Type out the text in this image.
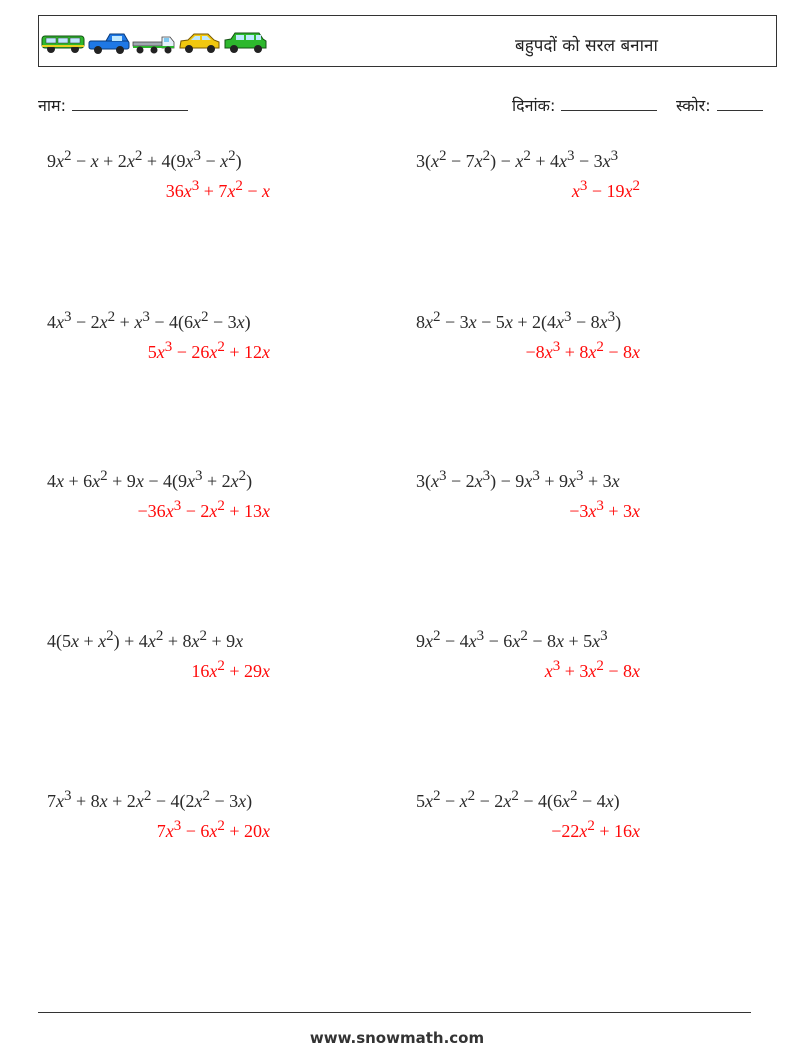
बहुपदों को सरल बनाना
नाम:	दिनांक:	स्कोर:
$9x^2 - x + 2x^2 + 4(9x^3 - x^2)$
$36x^3 + 7x^2 - x$
$3(x^2 - 7x^2) - x^2 + 4x^3 - 3x^3$
$x^3 - 19x^2$
$4x^3 - 2x^2 + x^3 - 4(6x^2 - 3x)$
$5x^3 - 26x^2 + 12x$
$8x^2 - 3x - 5x + 2(4x^3 - 8x^3)$
$-8x^3 + 8x^2 - 8x$
$4x + 6x^2 + 9x - 4(9x^3 + 2x^2)$
$-36x^3 - 2x^2 + 13x$
$3(x^3 - 2x^3) - 9x^3 + 9x^3 + 3x$
$-3x^3 + 3x$
$4(5x + x^2) + 4x^2 + 8x^2 + 9x$
$16x^2 + 29x$
$9x^2 - 4x^3 - 6x^2 - 8x + 5x^3$
$x^3 + 3x^2 - 8x$
$7x^3 + 8x + 2x^2 - 4(2x^2 - 3x)$
$7x^3 - 6x^2 + 20x$
$5x^2 - x^2 - 2x^2 - 4(6x^2 - 4x)$
$-22x^2 + 16x$
www.snowmath.com
